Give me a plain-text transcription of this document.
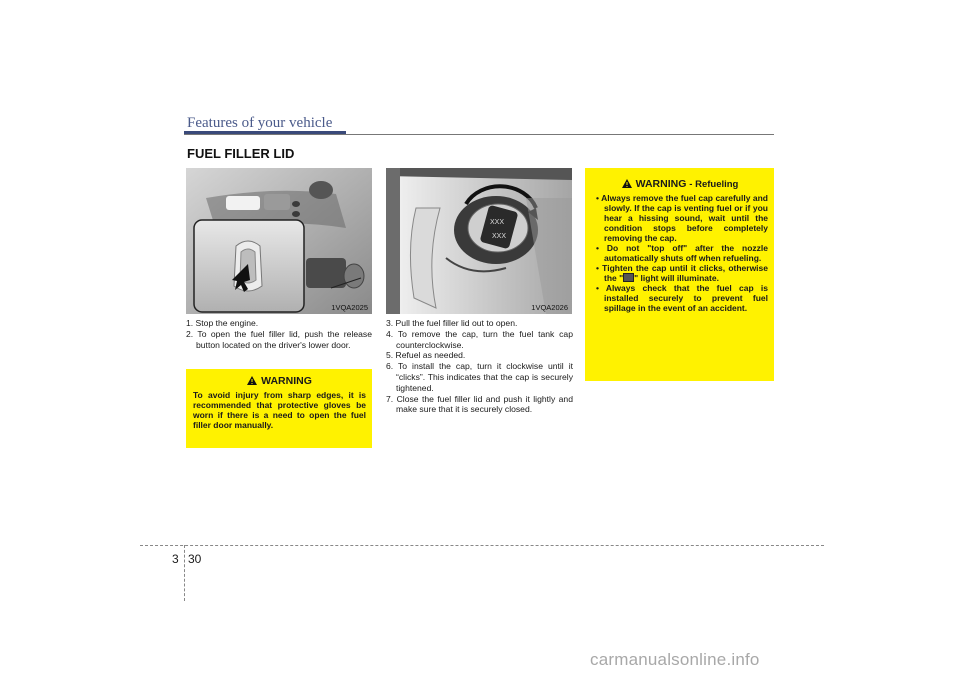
Features of your vehicle
FUEL FILLER LID
1VQA2025
XXX
XXX
1VQA2026
1. Stop the engine.
2. To open the fuel filler lid, push the release button located on the driver's lower door.
WARNING
To avoid injury from sharp edges, it is recommended that protective gloves be worn if there is a need to open the fuel filler door manually.
3. Pull the fuel filler lid out to open.
4. To remove the cap, turn the fuel tank cap counterclockwise.
5. Refuel as needed.
6. To install the cap, turn it clockwise until it “clicks”. This indicates that the cap is securely tightened.
7. Close the fuel filler lid and push it lightly and make sure that it is securely closed.
WARNING - Refueling
• Always remove the fuel cap carefully and slowly. If the cap is venting fuel or if you hear a hissing sound, wait until the condition stops before completely removing the cap.
• Do not "top off" after the nozzle automatically shuts off when refueling.
• Tighten the cap until it clicks, otherwise the " " light will illuminate.
• Always check that the fuel cap is installed securely to prevent fuel spillage in the event of an accident.
3 30
carmanualsonline.info
